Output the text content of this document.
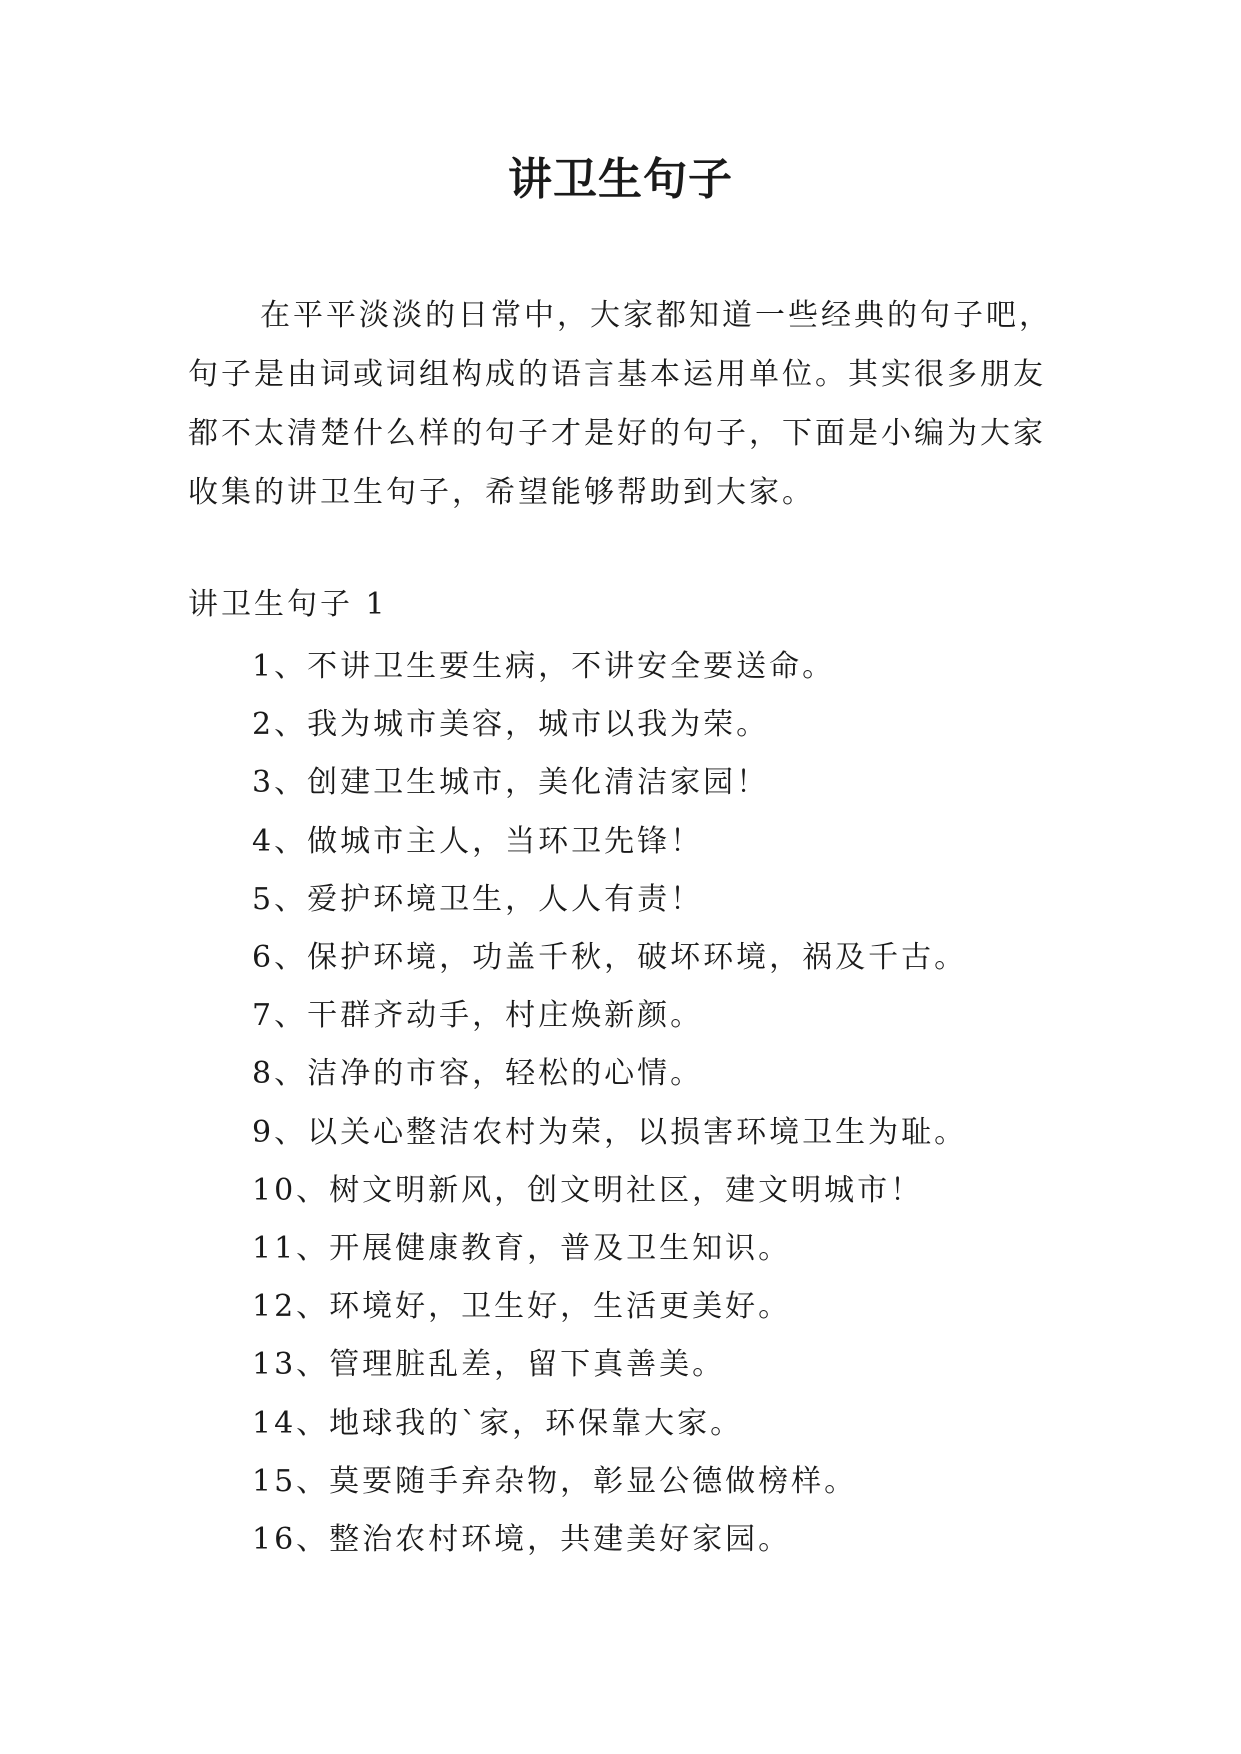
讲卫生句子

在平平淡淡的日常中，大家都知道一些经典的句子吧，句子是由词或词组构成的语言基本运用单位。其实很多朋友都不太清楚什么样的句子才是好的句子，下面是小编为大家收集的讲卫生句子，希望能够帮助到大家。

讲卫生句子 1
1、不讲卫生要生病，不讲安全要送命。
2、我为城市美容，城市以我为荣。
3、创建卫生城市，美化清洁家园！
4、做城市主人，当环卫先锋！
5、爱护环境卫生，人人有责！
6、保护环境，功盖千秋，破坏环境，祸及千古。
7、干群齐动手，村庄焕新颜。
8、洁净的市容，轻松的心情。
9、以关心整洁农村为荣，以损害环境卫生为耻。
10、树文明新风，创文明社区，建文明城市！
11、开展健康教育，普及卫生知识。
12、环境好，卫生好，生活更美好。
13、管理脏乱差，留下真善美。
14、地球我的`家，环保靠大家。
15、莫要随手弃杂物，彰显公德做榜样。
16、整治农村环境，共建美好家园。
